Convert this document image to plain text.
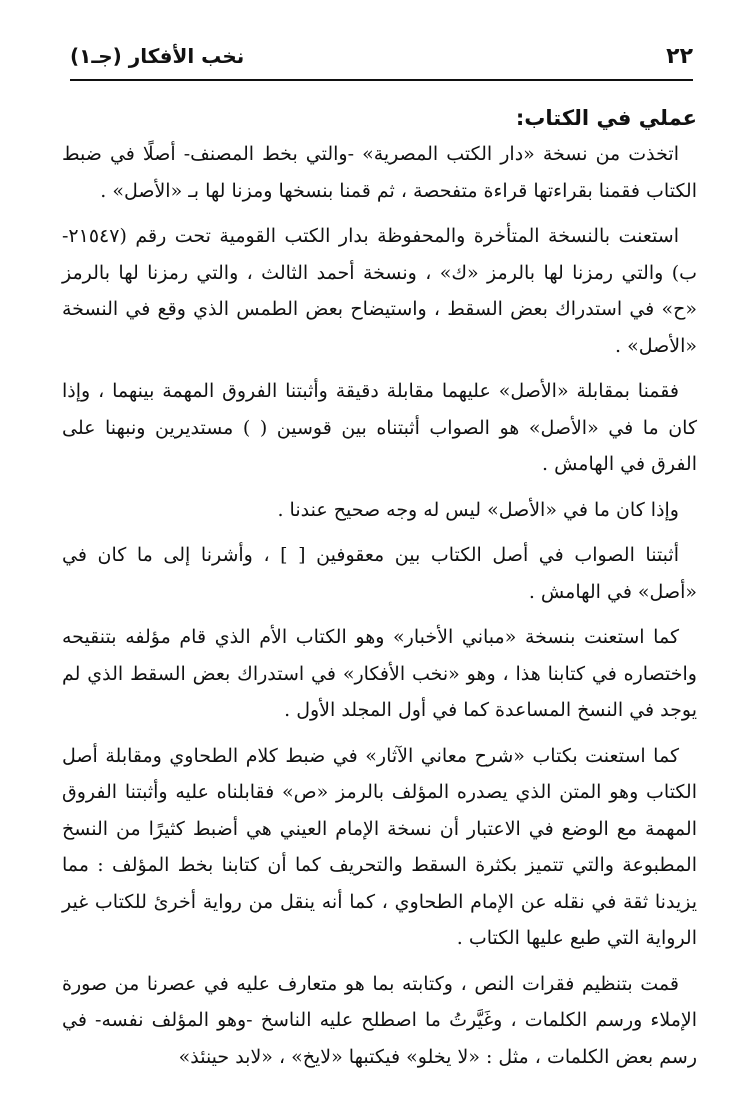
٢٢
نخب الأفكار (جـ١)
عملي في الكتاب:

اتخذت من نسخة «دار الكتب المصرية» -والتي بخط المصنف- أصلًا في ضبط الكتاب فقمنا بقراءتها قراءة متفحصة ، ثم قمنا بنسخها ومزنا لها بـ «الأصل» .

استعنت بالنسخة المتأخرة والمحفوظة بدار الكتب القومية تحت رقم (٢١٥٤٧-ب) والتي رمزنا لها بالرمز «ك» ، ونسخة أحمد الثالث ، والتي رمزنا لها بالرمز «ح» في استدراك بعض السقط ، واستيضاح بعض الطمس الذي وقع في النسخة «الأصل» .

فقمنا بمقابلة «الأصل» عليهما مقابلة دقيقة وأثبتنا الفروق المهمة بينهما ، وإذا كان ما في «الأصل» هو الصواب أثبتناه بين قوسين ( ) مستديرين ونبهنا على الفرق في الهامش .

وإذا كان ما في «الأصل» ليس له وجه صحيح عندنا .

أثبتنا الصواب في أصل الكتاب بين معقوفين [ ] ، وأشرنا إلى ما كان في «أصل» في الهامش .

كما استعنت بنسخة «مباني الأخبار» وهو الكتاب الأم الذي قام مؤلفه بتنقيحه واختصاره في كتابنا هذا ، وهو «نخب الأفكار» في استدراك بعض السقط الذي لم يوجد في النسخ المساعدة كما في أول المجلد الأول .

كما استعنت بكتاب «شرح معاني الآثار» في ضبط كلام الطحاوي ومقابلة أصل الكتاب وهو المتن الذي يصدره المؤلف بالرمز «ص» فقابلناه عليه وأثبتنا الفروق المهمة مع الوضع في الاعتبار أن نسخة الإمام العيني هي أضبط كثيرًا من النسخ المطبوعة والتي تتميز بكثرة السقط والتحريف كما أن كتابنا بخط المؤلف : مما يزيدنا ثقة في نقله عن الإمام الطحاوي ، كما أنه ينقل من رواية أخرئ للكتاب غير الرواية التي طبع عليها الكتاب .

قمت بتنظيم فقرات النص ، وكتابته بما هو متعارف عليه في عصرنا من صورة الإملاء ورسم الكلمات ، وغَيَّرتُ ما اصطلح عليه الناسخ -وهو المؤلف نفسه- في رسم بعض الكلمات ، مثل : «لا يخلو» فيكتبها «لايخ» ، «لابد حينئذ»
